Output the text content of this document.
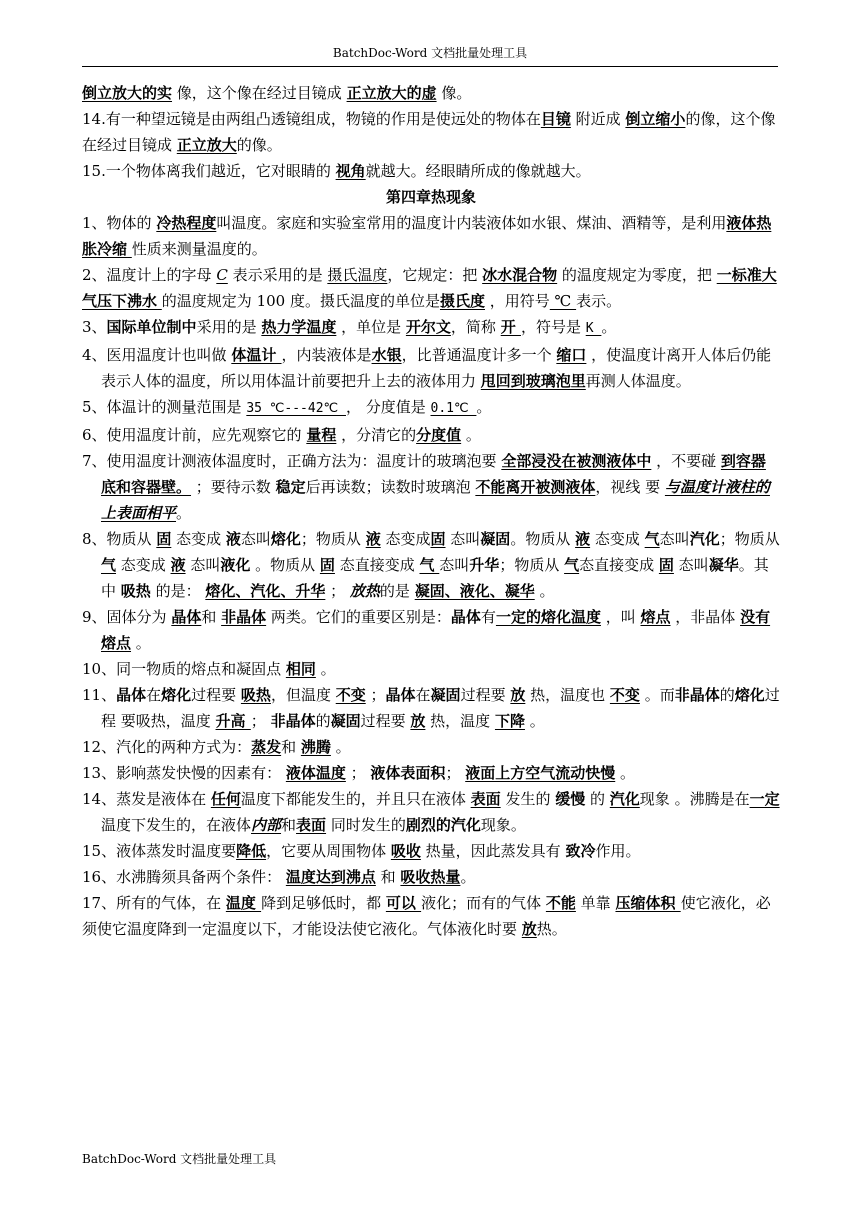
BatchDoc-Word 文档批量处理工具

倒立放大的实 像，这个像在经过目镜成 正立放大的虚 像。

14.有一种望远镜是由两组凸透镜组成，物镜的作用是使远处的物体在目镜 附近成 倒立缩小的像，这个像在经过目镜成 正立放大的像。

15.一个物体离我们越近，它对眼睛的 视角就越大。经眼睛所成的像就越大。

第四章热现象

1、物体的 冷热程度叫温度。家庭和实验室常用的温度计内装液体如水银、煤油、酒精等，是利用液体热胀冷缩 性质来测量温度的。

2、温度计上的字母 C 表示采用的是 摄氏温度，它规定：把 冰水混合物 的温度规定为零度，把 一标准大气压下沸水 的温度规定为 100 度。摄氏温度的单位是摄氏度 ，用符号 ℃ 表示。

3、国际单位制中采用的是 热力学温度 ，单位是 开尔文，简称 开 ，符号是 K 。

4、医用温度计也叫做 体温计 ，内装液体是水银，比普通温度计多一个 缩口 ，使温度计离开人体后仍能表示人体的温度，所以用体温计前要把升上去的液体用力 甩回到玻璃泡里再测人体温度。

5、体温计的测量范围是 35 ℃---42℃ ， 分度值是 0.1℃ 。

6、使用温度计前，应先观察它的 量程 ，分清它的分度值 。

7、使用温度计测液体温度时，正确方法为：温度计的玻璃泡要 全部浸没在被测液体中 ，不要碰 到容器底和容器壁。 ；要待示数 稳定后再读数；读数时玻璃泡 不能离开被测液体，视线 要 与温度计液柱的上表面相平。

8、物质从 固 态变成 液态叫熔化；物质从 液 态变成固 态叫凝固。物质从 液 态变成 气态叫汽化；物质从 气 态变成 液 态叫液化 。物质从 固 态直接变成 气 态叫升华；物质从 气态直接变成 固 态叫凝华。其中 吸热 的是： 熔化、汽化、升华 ； 放热的是 凝固、液化、凝华 。

9、固体分为 晶体和 非晶体 两类。它们的重要区别是：晶体有一定的熔化温度 ，叫 熔点 ，非晶体 没有熔点 。

10、同一物质的熔点和凝固点 相同 。

11、晶体在熔化过程要 吸热，但温度 不变 ；晶体在凝固过程要 放 热，温度也 不变 。而非晶体的熔化过程 要吸热，温度 升高 ； 非晶体的凝固过程要 放 热，温度 下降 。

12、汽化的两种方式为：蒸发和 沸腾 。

13、影响蒸发快慢的因素有： 液体温度 ； 液体表面积； 液面上方空气流动快慢 。

14、蒸发是液体在 任何温度下都能发生的，并且只在液体 表面 发生的 缓慢 的 汽化现象 。沸腾是在一定 温度下发生的，在液体内部和表面 同时发生的剧烈的汽化现象。

15、液体蒸发时温度要降低，它要从周围物体 吸收 热量，因此蒸发具有 致冷作用。

16、水沸腾须具备两个条件： 温度达到沸点 和 吸收热量。

17、所有的气体，在 温度 降到足够低时，都 可以 液化；而有的气体 不能 单靠 压缩体积 使它液化，必须使它温度降到一定温度以下，才能设法使它液化。气体液化时要 放热。

BatchDoc-Word 文档批量处理工具
